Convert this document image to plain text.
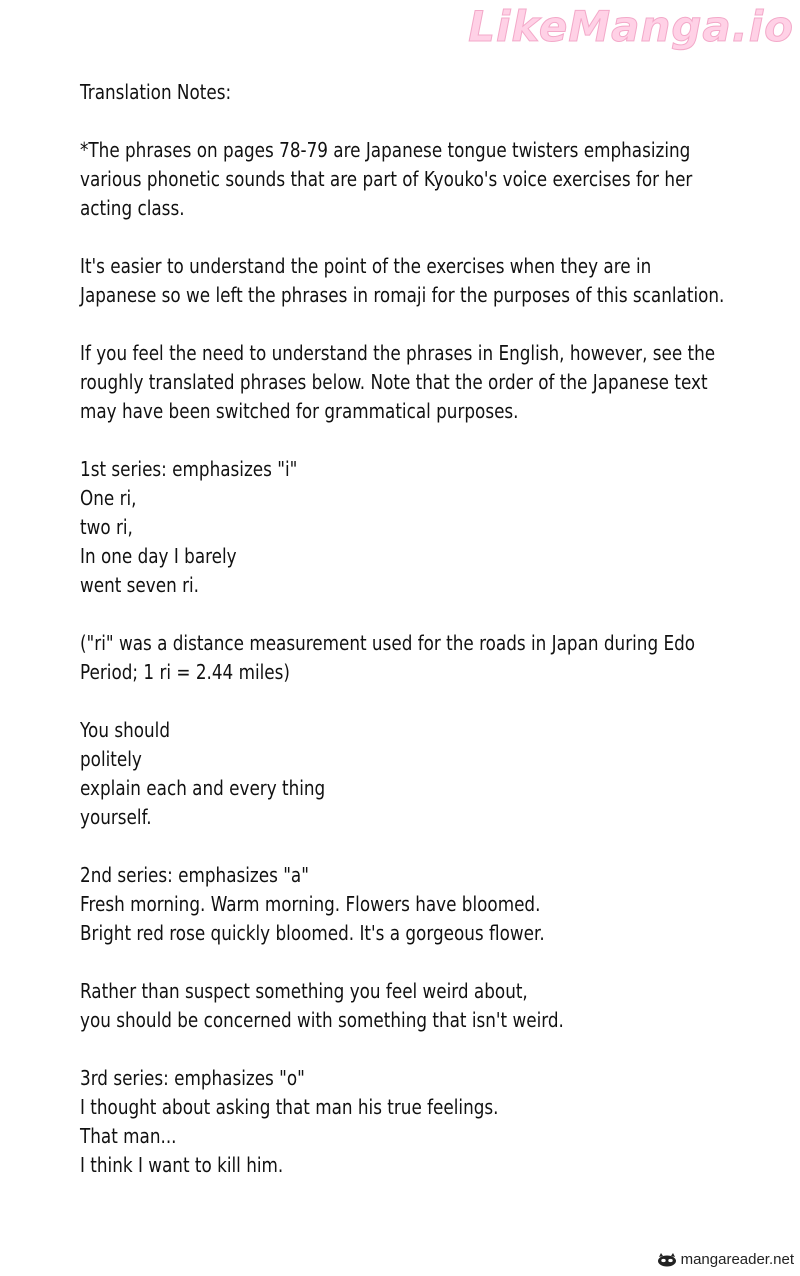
LikeManga.io
Translation Notes:
*The phrases on pages 78-79 are Japanese tongue twisters emphasizing
various phonetic sounds that are part of Kyouko's voice exercises for her
acting class.
It's easier to understand the point of the exercises when they are in
Japanese so we left the phrases in romaji for the purposes of this scanlation.
If you feel the need to understand the phrases in English, however, see the
roughly translated phrases below. Note that the order of the Japanese text
may have been switched for grammatical purposes.
1st series: emphasizes "i"
One ri,
two ri,
In one day I barely
went seven ri.
("ri" was a distance measurement used for the roads in Japan during Edo
Period; 1 ri = 2.44 miles)
You should
politely
explain each and every thing
yourself.
2nd series: emphasizes "a"
Fresh morning. Warm morning. Flowers have bloomed.
Bright red rose quickly bloomed. It's a gorgeous flower.
Rather than suspect something you feel weird about,
you should be concerned with something that isn't weird.
3rd series: emphasizes "o"
I thought about asking that man his true feelings.
That man...
I think I want to kill him.
mangareader.net
